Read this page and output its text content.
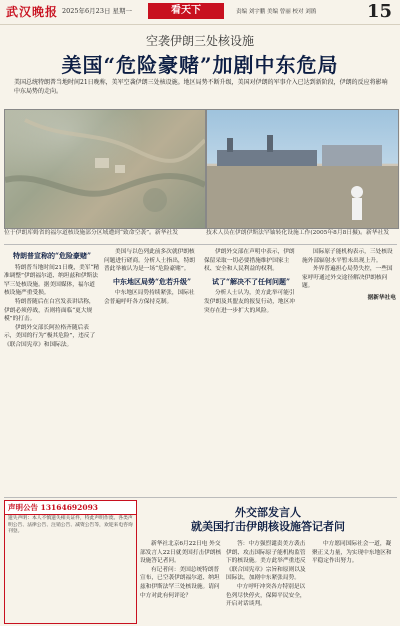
武汉晚报 2025年6月23日 星期一	看天下	责编 刘宇鹏 美编 曾丽 校对 刘鹃	15
空袭伊朗三处核设施
美国“危险豪赌”加剧中东危局
美国总统特朗普当地时间21日晚称，美军空袭伊朗三处核设施。地区局势不断升级，美国对伊朗的军事介入已达到新阶段，伊朗的反应将影响中东局势的走向。
位于伊朗库姆省的福尔道核设施部分区域遭到“致命空袭”。新华社发	技术人员在伊朗伊斯法罕铀转化设施工作(2005年8月8日摄)。新华社发

特朗普宣称的“危险豪赌”

特朗普当地时间21日晚，美军“精准调整”伊朗福尔道、纳坦兹和伊斯法罕三处核设施。据美国媒体，福尔道核设施严重受损。

特朗普随后在白宫发表讲话称，伊朗必须停战，否则将面临“更大规模”的打击。

伊朗外交部长阿拉格齐随后表示，美国的行为“极其危险”，违反了《联合国宪章》和国际法。

美国与以色列此前多次就伊朗核问题进行磋商。分析人士指出，特朗普此举被认为是一场“危险豪赌”。

中东地区局势“危若升级”

中东地区局势持续紧张，国际社会普遍呼吁各方保持克制。

伊朗外交部在声明中表示，伊朗保留采取一切必要措施维护国家主权、安全和人民利益的权利。

试了“解决不了任何问题”

分析人士认为，美方此举可能引发伊朗及其盟友的报复行动，地区冲突存在进一步扩大的风险。

国际原子能机构表示，三处核设施外部辐射水平暂未出现上升。

外界普遍担心局势失控，一些国家呼吁通过外交途径解决伊朗核问题。

据新华社电

声明公告 13164692093
遗失声明：本人不慎遗失相关证件，特此声明作废。各类声明公告、法律公告、注销公告、减资公告等，欢迎来电咨询刊登。
外交部发言人
就美国打击伊朗核设施答记者问

新华社北京6月22日电 外交部发言人22日就美国打击伊朗核设施答记者问。

有记者问：美国总统特朗普宣布，已空袭伊朗福尔道、纳坦兹和伊斯法罕三处核设施。请问中方对此有何评论？

答：中方强烈谴责美方袭击伊朗、攻击国际原子能机构监管下的核设施。美方此举严重违反《联合国宪章》宗旨和原则以及国际法，加剧中东紧张局势。

中方呼吁冲突各方特别是以色列尽快停火，保障平民安全，开启对话谈判。

中方愿同国际社会一道，凝聚正义力量，为实现中东地区和平稳定作出努力。
